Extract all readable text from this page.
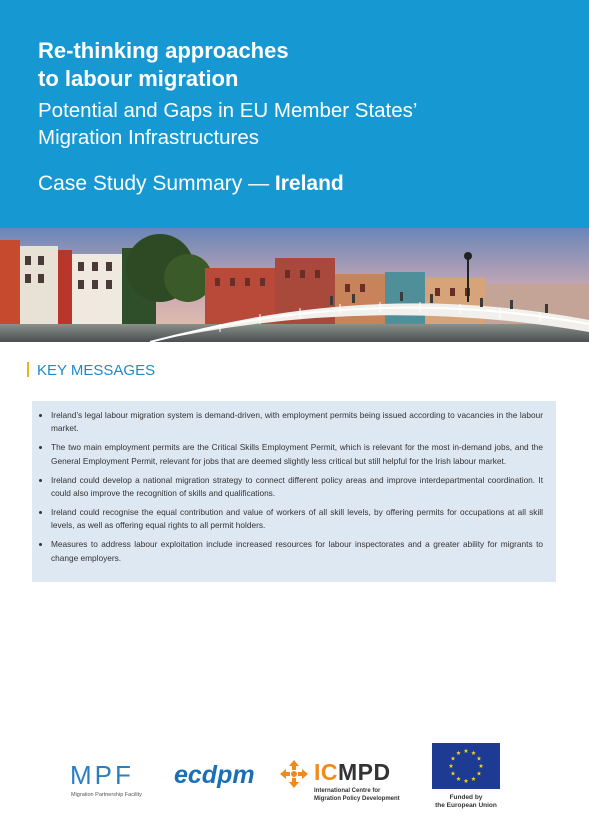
Re-thinking approaches
to labour migration
Potential and Gaps in EU Member States’
Migration Infrastructures
Case Study Summary — Ireland
KEY MESSAGES
Ireland’s legal labour migration system is demand-driven, with employment permits being issued according to vacancies in the labour market.
The two main employment permits are the Critical Skills Employment Permit, which is relevant for the most in-demand jobs, and the General Employment Permit, relevant for jobs that are deemed slightly less critical but still helpful for the Irish labour market.
Ireland could develop a national migration strategy to connect different policy areas and improve interdepartmental coordination. It could also improve the recognition of skills and qualifications.
Ireland could recognise the equal contribution and value of workers of all skill levels, by offering permits for occupations at all skill levels, as well as offering equal rights to all permit holders.
Measures to address labour exploitation include increased resources for labour inspectorates and a greater ability for migrants to change employers.
MPF
Migration Partnership Facility
ecdpm	ICMPD
International Centre for
Migration Policy Development	Funded by
the European Union
